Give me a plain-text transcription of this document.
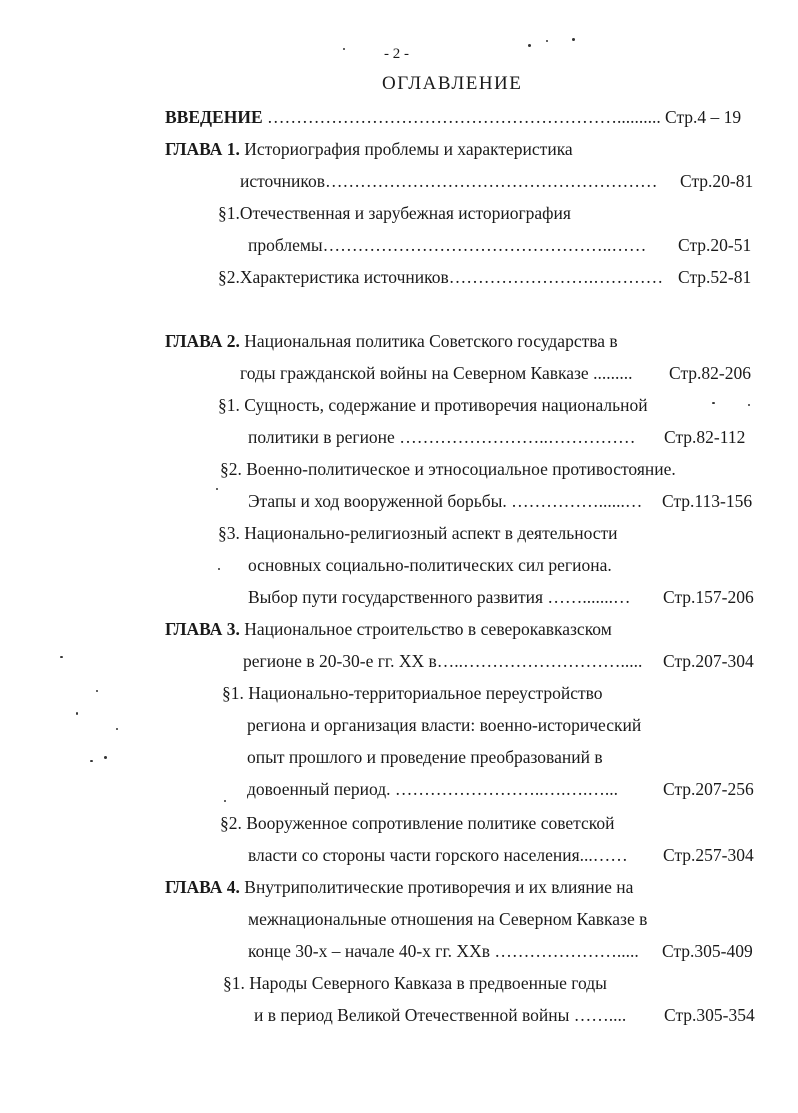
- 2 -
ОГЛАВЛЕНИЕ
ВВЕДЕНИЕ …………………………………………………….......... Стр.4 – 19
ГЛАВА 1. Историография проблемы и характеристика
источников………………………………………………… Стр.20-81
§1.Отечественная и зарубежная историография
проблемы…………………………………………..…… Стр.20-51
§2.Характеристика источников…………………….………… Стр.52-81
ГЛАВА 2. Национальная политика Советского государства в
годы гражданской войны на Северном Кавказе ......... Стр.82-206
§1. Сущность, содержание и противоречия национальной
политики в регионе ……………………..…………… Стр.82-112
§2. Военно-политическое и этносоциальное противостояние.
Этапы и ход вооруженной борьбы. ……………......… Стр.113-156
§3. Национально-религиозный аспект в деятельности
основных социально-политических сил региона.
Выбор пути государственного развития …….......… Стр.157-206
ГЛАВА 3. Национальное строительство в северокавказском
регионе в 20-30-е гг. ХХ в…..………………………..... Стр.207-304
§1. Национально-территориальное переустройство
региона и организация власти: военно-исторический
опыт прошлого и проведение преобразований в
довоенный период. ……………………..….….…...	Стр.207-256
§2. Вооруженное сопротивление политике советской
власти со стороны части горского населения...…… Стр.257-304
ГЛАВА 4. Внутриполитические противоречия и их влияние на
межнациональные отношения на Северном Кавказе в
конце 30-х – начале 40-х гг. ХХв …………………..... Стр.305-409
§1. Народы Северного Кавказа в предвоенные годы
и в период Великой Отечественной войны …….... Стр.305-354
